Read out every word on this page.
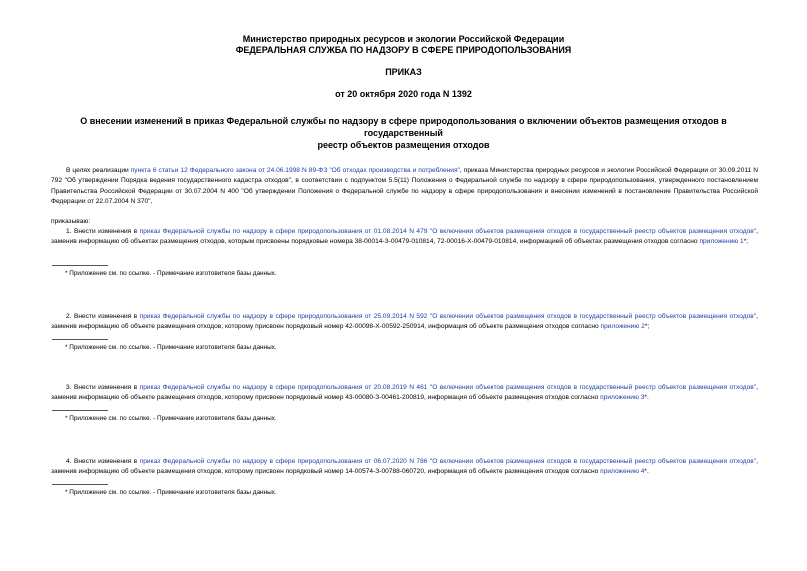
Министерство природных ресурсов и экологии Российской Федерации
ФЕДЕРАЛЬНАЯ СЛУЖБА ПО НАДЗОРУ В СФЕРЕ ПРИРОДОПОЛЬЗОВАНИЯ
ПРИКАЗ
от 20 октября 2020 года N 1392
О внесении изменений в приказ Федеральной службы по надзору в сфере природопользования о включении объектов размещения отходов в государственный
реестр объектов размещения отходов
В целях реализации пункта 6 статьи 12 Федерального закона от 24.06.1998 N 89-ФЗ "Об отходах производства и потребления", приказа Министерства природных ресурсов и экологии Российской Федерации от 30.09.2011 N 792 "Об утверждении Порядка ведения государственного кадастра отходов", в соответствии с подпунктом 5.5(11) Положения о Федеральной службе по надзору в сфере природопользования, утвержденного постановлением Правительства Российской Федерации от 30.07.2004 N 400 "Об утверждении Положения о Федеральной службе по надзору в сфере природопользования и внесении изменений в постановление Правительства Российской Федерации от 22.07.2004 N 370",
приказываю:
1. Внести изменения в приказ Федеральной службы по надзору в сфере природопользования от 01.08.2014 N 479 "О включении объектов размещения отходов в государственный реестр объектов размещения отходов", заменив информацию об объектах размещения отходов, которым присвоены порядковые номера 38-00014-З-00479-010814, 72-00016-Х-00479-010814, информацией об объектах размещения отходов согласно приложению 1*;
* Приложение см. по ссылке. - Примечание изготовителя базы данных.
2. Внести изменения в приказ Федеральной службы по надзору в сфере природопользования от 25.09.2014 N 592 "О включении объектов размещения отходов в государственный реестр объектов размещения отходов", заменив информацию об объекте размещения отходов, которому присвоен порядковый номер 42-00098-Х-00592-250914, информация об объекте размещения отходов согласно приложению 2*;
* Приложение см. по ссылке. - Примечание изготовителя базы данных.
3. Внести изменения в приказ Федеральной службы по надзору в сфере природопользования от 20.08.2019 N 461 "О включении объектов размещения отходов в государственный реестр объектов размещения отходов", заменив информацию об объекте размещения отходов, которому присвоен порядковый номер 43-00080-З-00461-200819, информация об объекте размещения отходов согласно приложению 3*.
* Приложение см. по ссылке. - Примечание изготовителя базы данных.
4. Внести изменения в приказ Федеральной службы по надзору в сфере природопользования от 06.07.2020 N 786 "О включении объектов размещения отходов в государственный реестр объектов размещения отходов", заменив информацию об объекте размещения отходов, которому присвоен порядковый номер 14-00574-З-00788-060720, информация об объекте размещения отходов согласно приложению 4*.
* Приложение см. по ссылке. - Примечание изготовителя базы данных.
